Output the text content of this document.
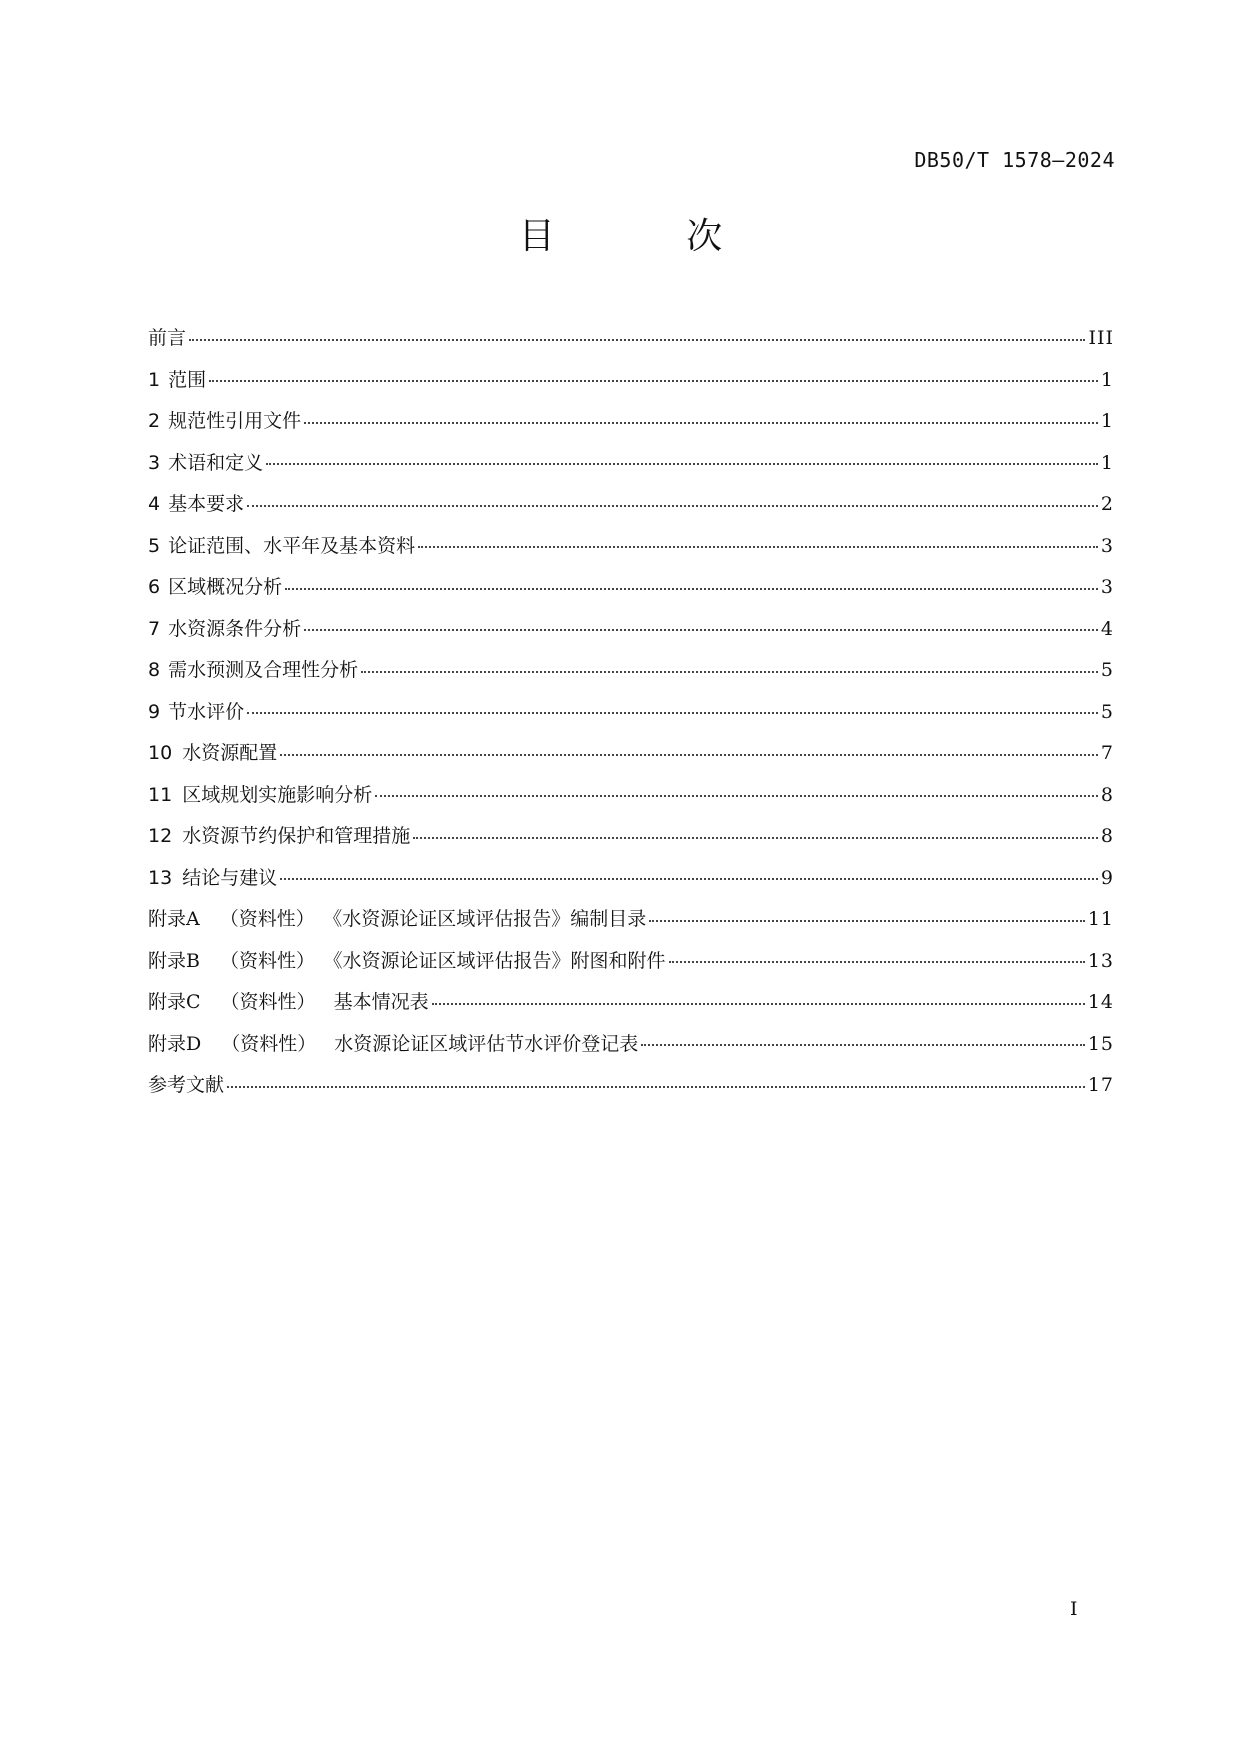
DB50/T 1578—2024
目 次
前言	III
1 范围	1
2 规范性引用文件	1
3 术语和定义	1
4 基本要求	2
5 论证范围、水平年及基本资料	3
6 区域概况分析	3
7 水资源条件分析	4
8 需水预测及合理性分析	5
9 节水评价	5
10 水资源配置	7
11 区域规划实施影响分析	8
12 水资源节约保护和管理措施	8
13 结论与建议	9
附录A （资料性） 《水资源论证区域评估报告》编制目录	11
附录B （资料性） 《水资源论证区域评估报告》附图和附件	13
附录C （资料性） 基本情况表	14
附录D （资料性） 水资源论证区域评估节水评价登记表	15
参考文献	17
I
